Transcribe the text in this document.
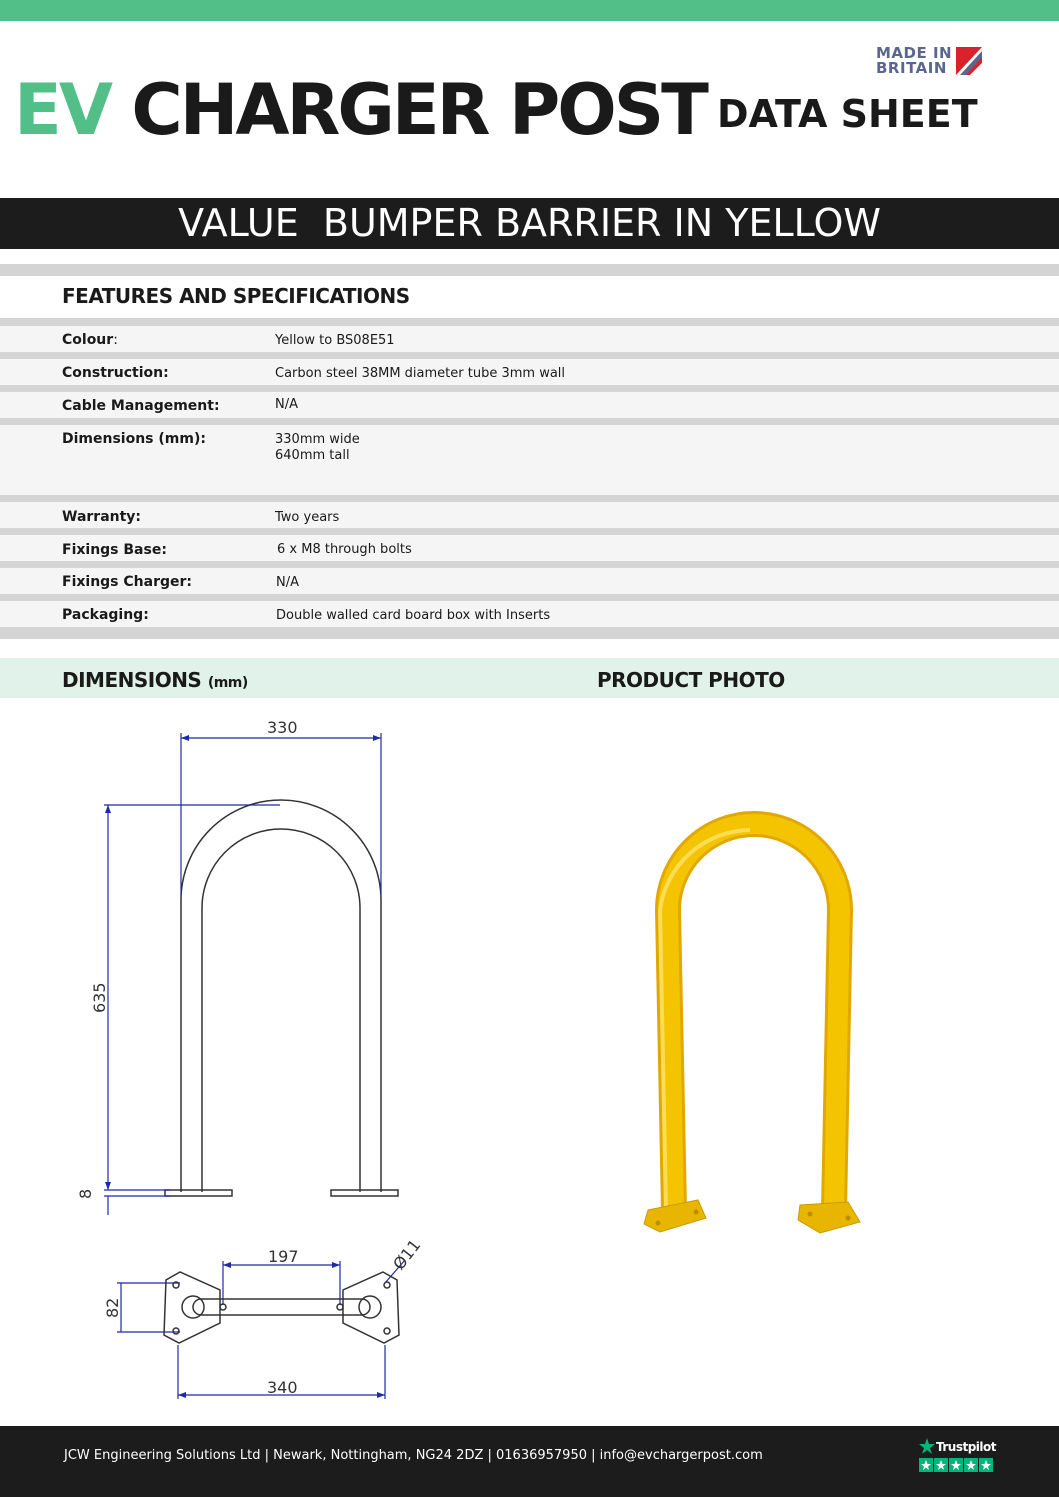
EV CHARGER POST DATA SHEET
MADE IN
BRITAIN
VALUE  BUMPER BARRIER IN YELLOW
FEATURES AND SPECIFICATIONS
Colour:	Yellow to BS08E51
Construction:	Carbon steel 38MM diameter tube 3mm wall
Cable Management:	N/A
Dimensions (mm):	330mm wide
640mm tall
Warranty:	Two years
Fixings Base:	6 x M8 through bolts
Fixings Charger:	N/A
Packaging:	Double walled card board box with Inserts
DIMENSIONS (mm)	PRODUCT PHOTO
330
635
8
197	Ø11
82
340
JCW Engineering Solutions Ltd | Newark, Nottingham, NG24 2DZ | 01636957950 | info@evchargerpost.com
Trustpilot
